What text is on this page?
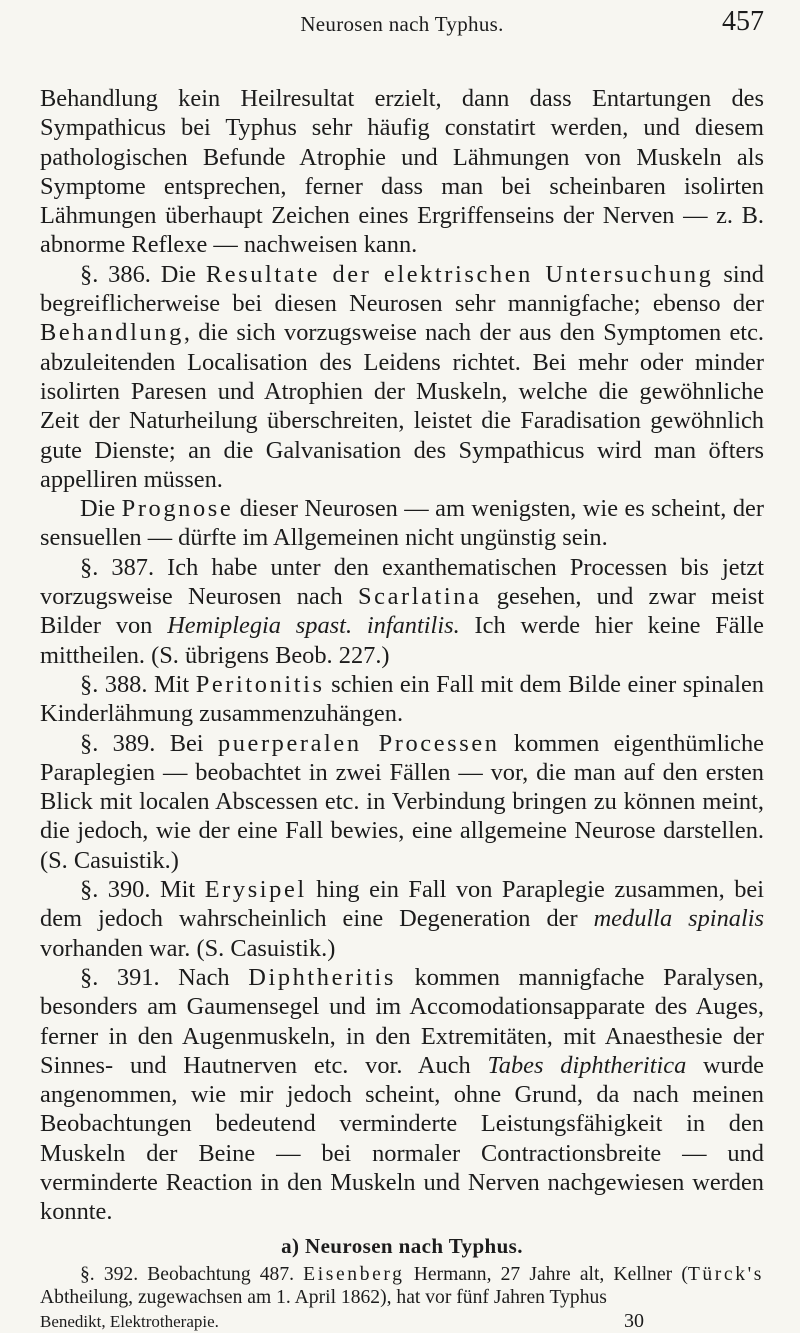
Neurosen nach Typhus.	457

Behandlung kein Heilresultat erzielt, dann dass Entartungen des Sympathicus bei Typhus sehr häufig constatirt werden, und diesem pathologischen Befunde Atrophie und Lähmungen von Muskeln als Symptome entsprechen, ferner dass man bei scheinbaren isolirten Lähmungen überhaupt Zeichen eines Ergriffenseins der Nerven — z. B. abnorme Reflexe — nachweisen kann.

§. 386. Die Resultate der elektrischen Untersuchung sind begreiflicherweise bei diesen Neurosen sehr mannigfache; ebenso der Behandlung, die sich vorzugsweise nach der aus den Symptomen etc. abzuleitenden Localisation des Leidens richtet. Bei mehr oder minder isolirten Paresen und Atrophien der Muskeln, welche die gewöhnliche Zeit der Naturheilung überschreiten, leistet die Faradisation gewöhnlich gute Dienste; an die Galvanisation des Sympathicus wird man öfters appelliren müssen.

Die Prognose dieser Neurosen — am wenigsten, wie es scheint, der sensuellen — dürfte im Allgemeinen nicht ungünstig sein.

§. 387. Ich habe unter den exanthematischen Processen bis jetzt vorzugsweise Neurosen nach Scarlatina gesehen, und zwar meist Bilder von Hemiplegia spast. infantilis. Ich werde hier keine Fälle mittheilen. (S. übrigens Beob. 227.)

§. 388. Mit Peritonitis schien ein Fall mit dem Bilde einer spinalen Kinderlähmung zusammenzuhängen.

§. 389. Bei puerperalen Processen kommen eigenthümliche Paraplegien — beobachtet in zwei Fällen — vor, die man auf den ersten Blick mit localen Abscessen etc. in Verbindung bringen zu können meint, die jedoch, wie der eine Fall bewies, eine allgemeine Neurose darstellen. (S. Casuistik.)

§. 390. Mit Erysipel hing ein Fall von Paraplegie zusammen, bei dem jedoch wahrscheinlich eine Degeneration der medulla spinalis vorhanden war. (S. Casuistik.)

§. 391. Nach Diphtheritis kommen mannigfache Paralysen, besonders am Gaumensegel und im Accomodationsapparate des Auges, ferner in den Augenmuskeln, in den Extremitäten, mit Anaesthesie der Sinnes- und Hautnerven etc. vor. Auch Tabes diphtheritica wurde angenommen, wie mir jedoch scheint, ohne Grund, da nach meinen Beobachtungen bedeutend verminderte Leistungsfähigkeit in den Muskeln der Beine — bei normaler Contractionsbreite — und verminderte Reaction in den Muskeln und Nerven nachgewiesen werden konnte.

a) Neurosen nach Typhus.

§. 392. Beobachtung 487. Eisenberg Hermann, 27 Jahre alt, Kellner (Türck's Abtheilung, zugewachsen am 1. April 1862), hat vor fünf Jahren Typhus

Benedikt, Elektrotherapie.	30
